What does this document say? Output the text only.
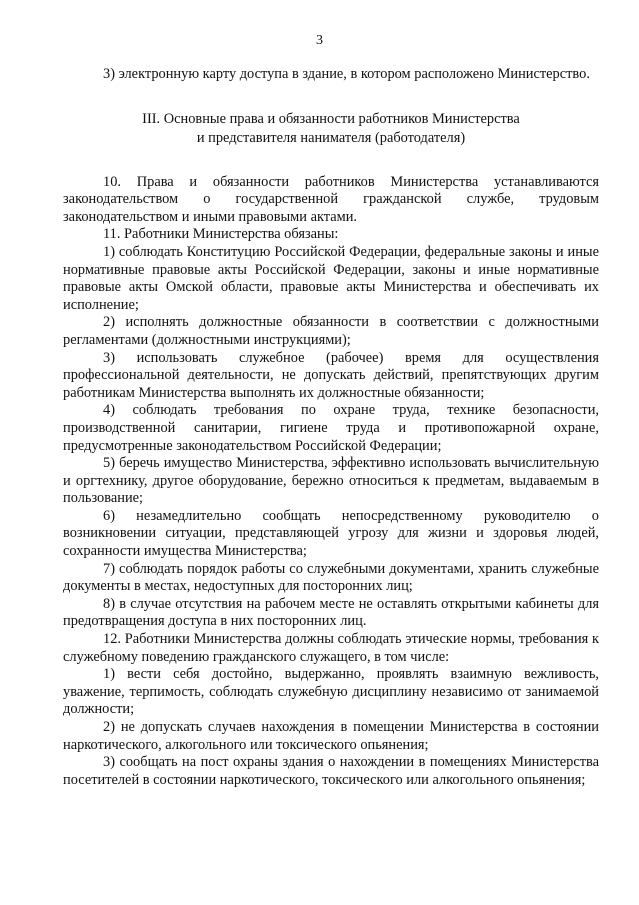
3

3) электронную карту доступа в здание, в котором расположено Министерство.

III. Основные права и обязанности работников Министерства
и представителя нанимателя (работодателя)

10. Права и обязанности работников Министерства устанавливаются законодательством о государственной гражданской службе, трудовым законодательством и иными правовыми актами.

11. Работники Министерства обязаны:

1) соблюдать Конституцию Российской Федерации, федеральные законы и иные нормативные правовые акты Российской Федерации, законы и иные нормативные правовые акты Омской области, правовые акты Министерства и обеспечивать их исполнение;

2) исполнять должностные обязанности в соответствии с должностными регламентами (должностными инструкциями);

3) использовать служебное (рабочее) время для осуществления профессиональной деятельности, не допускать действий, препятствующих другим работникам Министерства выполнять их должностные обязанности;

4) соблюдать требования по охране труда, технике безопасности, производственной санитарии, гигиене труда и противопожарной охране, предусмотренные законодательством Российской Федерации;

5) беречь имущество Министерства, эффективно использовать вычислительную и оргтехнику, другое оборудование, бережно относиться к предметам, выдаваемым в пользование;

6) незамедлительно сообщать непосредственному руководителю о возникновении ситуации, представляющей угрозу для жизни и здоровья людей, сохранности имущества Министерства;

7) соблюдать порядок работы со служебными документами, хранить служебные документы в местах, недоступных для посторонних лиц;

8) в случае отсутствия на рабочем месте не оставлять открытыми кабинеты для предотвращения доступа в них посторонних лиц.

12. Работники Министерства должны соблюдать этические нормы, требования к служебному поведению гражданского служащего, в том числе:

1) вести себя достойно, выдержанно, проявлять взаимную вежливость, уважение, терпимость, соблюдать служебную дисциплину независимо от занимаемой должности;

2) не допускать случаев нахождения в помещении Министерства в состоянии наркотического, алкогольного или токсического опьянения;

3) сообщать на пост охраны здания о нахождении в помещениях Министерства посетителей в состоянии наркотического, токсического или алкогольного опьянения;
